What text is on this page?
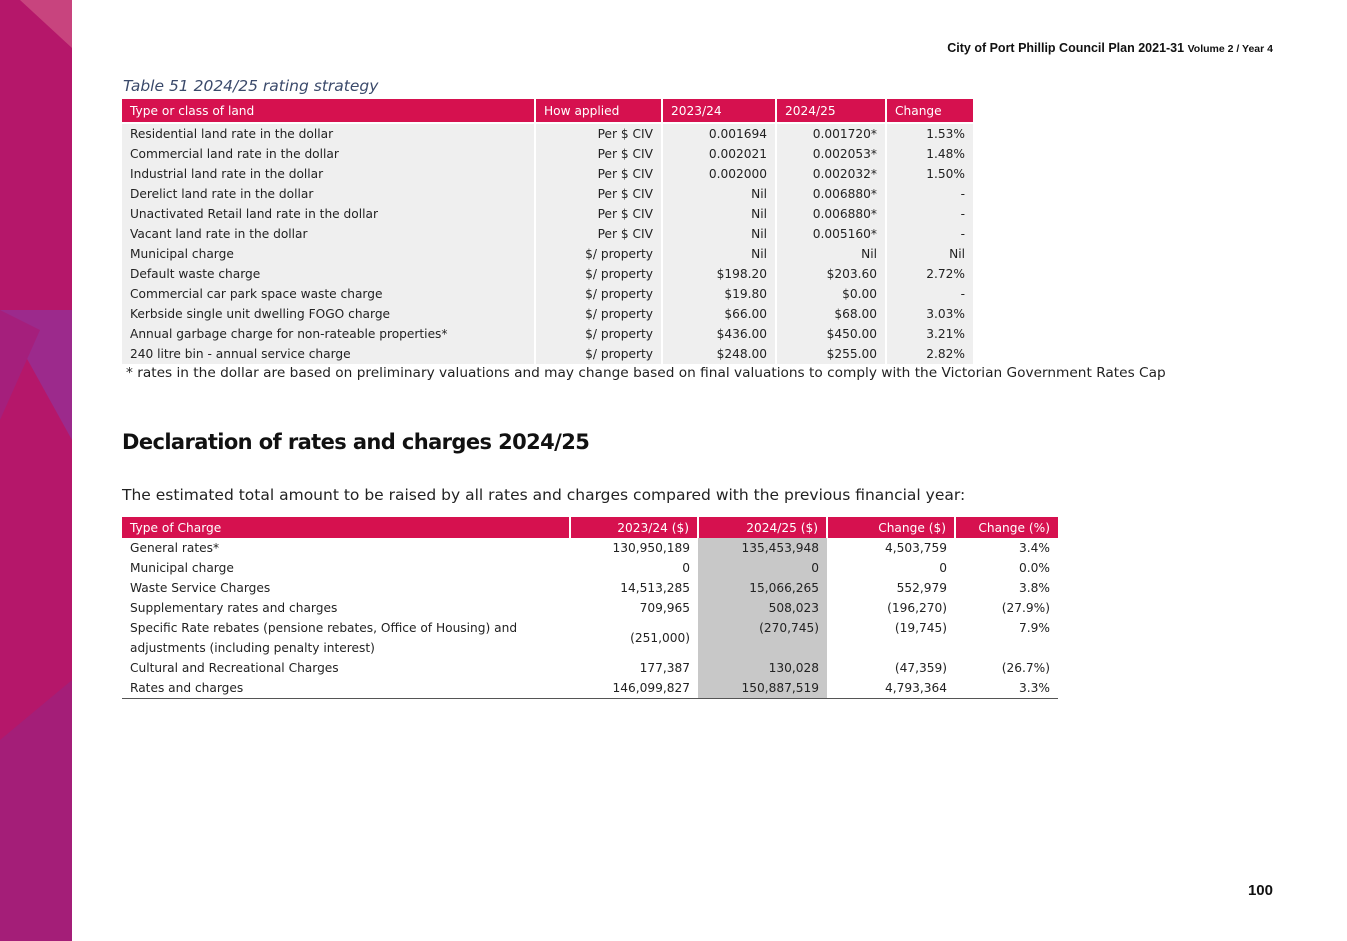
City of Port Phillip Council Plan 2021-31 Volume 2 / Year 4
Table 51 2024/25 rating strategy
Type or class of land	How applied	2023/24	2024/25	Change
Residential land rate in the dollar	Per $ CIV	0.001694	0.001720*	1.53%
Commercial land rate in the dollar	Per $ CIV	0.002021	0.002053*	1.48%
Industrial land rate in the dollar	Per $ CIV	0.002000	0.002032*	1.50%
Derelict land rate in the dollar	Per $ CIV	Nil	0.006880*	-
Unactivated Retail land rate in the dollar	Per $ CIV	Nil	0.006880*	-
Vacant land rate in the dollar	Per $ CIV	Nil	0.005160*	-
Municipal charge	$/ property	Nil	Nil	Nil
Default waste charge	$/ property	$198.20	$203.60	2.72%
Commercial car park space waste charge	$/ property	$19.80	$0.00	-
Kerbside single unit dwelling FOGO charge	$/ property	$66.00	$68.00	3.03%
Annual garbage charge for non-rateable properties*	$/ property	$436.00	$450.00	3.21%
240 litre bin - annual service charge	$/ property	$248.00	$255.00	2.82%
* rates in the dollar are based on preliminary valuations and may change based on final valuations to comply with the Victorian Government Rates Cap
Declaration of rates and charges 2024/25
The estimated total amount to be raised by all rates and charges compared with the previous financial year:
Type of Charge	2023/24 ($)	2024/25 ($)	Change ($)	Change (%)
General rates*	130,950,189	135,453,948	4,503,759	3.4%
Municipal charge	0	0	0	0.0%
Waste Service Charges	14,513,285	15,066,265	552,979	3.8%
Supplementary rates and charges	709,965	508,023	(196,270)	(27.9%)
Specific Rate rebates (pensione rebates, Office of Housing) and adjustments (including penalty interest)	(251,000)	(270,745)	(19,745)	7.9%
Cultural and Recreational Charges	177,387	130,028	(47,359)	(26.7%)
Rates and charges	146,099,827	150,887,519	4,793,364	3.3%
100
